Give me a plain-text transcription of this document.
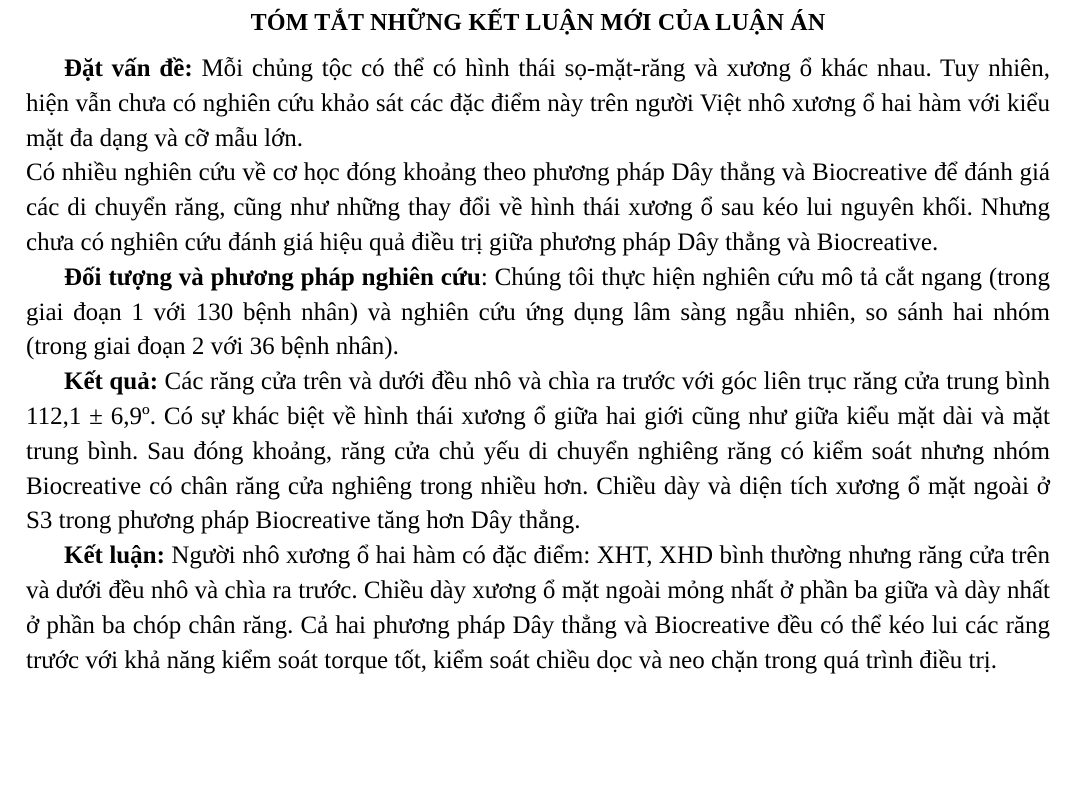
TÓM TẮT NHỮNG KẾT LUẬN MỚI CỦA LUẬN ÁN

Đặt vấn đề: Mỗi chủng tộc có thể có hình thái sọ-mặt-răng và xương ổ khác nhau. Tuy nhiên, hiện vẫn chưa có nghiên cứu khảo sát các đặc điểm này trên người Việt nhô xương ổ hai hàm với kiểu mặt đa dạng và cỡ mẫu lớn.

Có nhiều nghiên cứu về cơ học đóng khoảng theo phương pháp Dây thẳng và Biocreative để đánh giá các di chuyển răng, cũng như những thay đổi về hình thái xương ổ sau kéo lui nguyên khối. Nhưng chưa có nghiên cứu đánh giá hiệu quả điều trị giữa phương pháp Dây thẳng và Biocreative.

Đối tượng và phương pháp nghiên cứu: Chúng tôi thực hiện nghiên cứu mô tả cắt ngang (trong giai đoạn 1 với 130 bệnh nhân) và nghiên cứu ứng dụng lâm sàng ngẫu nhiên, so sánh hai nhóm (trong giai đoạn 2 với 36 bệnh nhân).

Kết quả: Các răng cửa trên và dưới đều nhô và chìa ra trước với góc liên trục răng cửa trung bình 112,1 ± 6,9º. Có sự khác biệt về hình thái xương ổ giữa hai giới cũng như giữa kiểu mặt dài và mặt trung bình. Sau đóng khoảng, răng cửa chủ yếu di chuyển nghiêng răng có kiểm soát nhưng nhóm Biocreative có chân răng cửa nghiêng trong nhiều hơn. Chiều dày và diện tích xương ổ mặt ngoài ở S3 trong phương pháp Biocreative tăng hơn Dây thẳng.

Kết luận: Người nhô xương ổ hai hàm có đặc điểm: XHT, XHD bình thường nhưng răng cửa trên và dưới đều nhô và chìa ra trước. Chiều dày xương ổ mặt ngoài mỏng nhất ở phần ba giữa và dày nhất ở phần ba chóp chân răng. Cả hai phương pháp Dây thẳng và Biocreative đều có thể kéo lui các răng trước với khả năng kiểm soát torque tốt, kiểm soát chiều dọc và neo chặn trong quá trình điều trị.
